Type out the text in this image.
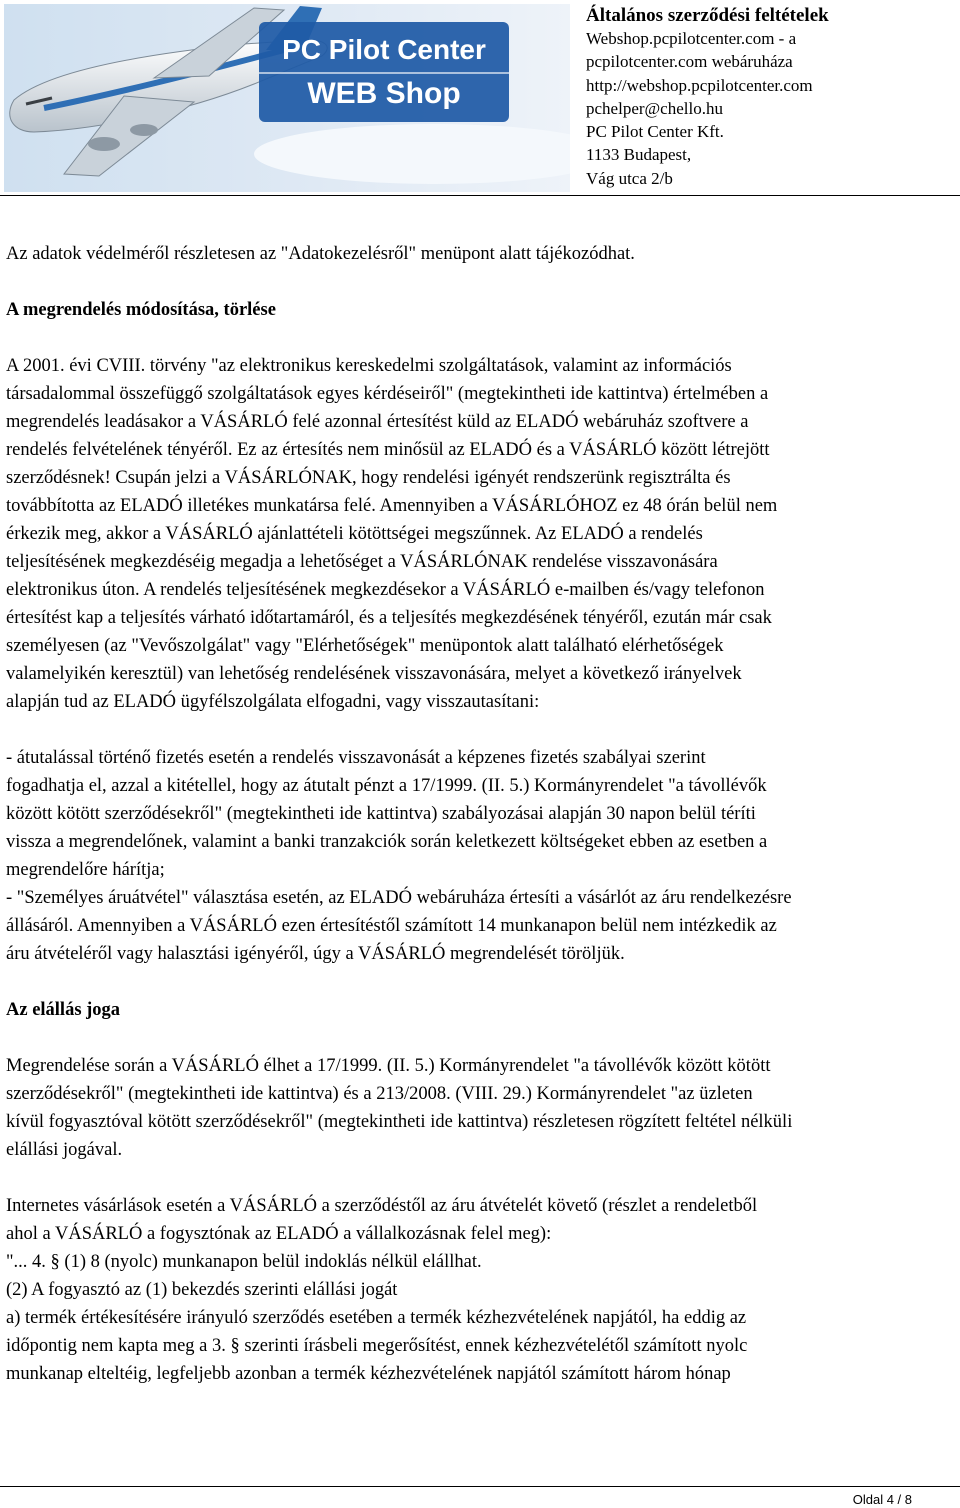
PC Pilot Center
WEB Shop
Általános szerződési feltételek
Webshop.pcpilotcenter.com - a
pcpilotcenter.com webáruháza
http://webshop.pcpilotcenter.com
pchelper@chello.hu
PC Pilot Center Kft.
1133 Budapest,
Vág utca 2/b

Az adatok védelméről részletesen az "Adatokezelésről" menüpont alatt tájékozódhat.

A megrendelés módosítása, törlése

A 2001. évi CVIII. törvény "az elektronikus kereskedelmi szolgáltatások, valamint az információs

társadalommal összefüggő szolgáltatások egyes kérdéseiről" (megtekintheti ide kattintva) értelmében a

megrendelés leadásakor a VÁSÁRLÓ felé azonnal értesítést küld az ELADÓ webáruház szoftvere a

rendelés felvételének tényéről. Ez az értesítés nem minősül az ELADÓ és a VÁSÁRLÓ között létrejött

szerződésnek! Csupán jelzi a VÁSÁRLÓNAK, hogy rendelési igényét rendszerünk regisztrálta és

továbbította az ELADÓ illetékes munkatársa felé. Amennyiben a VÁSÁRLÓHOZ ez 48 órán belül nem

érkezik meg, akkor a VÁSÁRLÓ ajánlattételi kötöttségei megszűnnek. Az ELADÓ a rendelés

teljesítésének megkezdéséig megadja a lehetőséget a VÁSÁRLÓNAK rendelése visszavonására

elektronikus úton. A rendelés teljesítésének megkezdésekor a VÁSÁRLÓ e-mailben és/vagy telefonon

értesítést kap a teljesítés várható időtartamáról, és a teljesítés megkezdésének tényéről, ezután már csak

személyesen (az "Vevőszolgálat" vagy "Elérhetőségek" menüpontok alatt található elérhetőségek

valamelyikén keresztül) van lehetőség rendelésének visszavonására, melyet a következő irányelvek

alapján tud az ELADÓ ügyfélszolgálata elfogadni, vagy visszautasítani:

- átutalással történő fizetés esetén a rendelés visszavonását a képzenes fizetés szabályai szerint

fogadhatja el, azzal a kitétellel, hogy az átutalt pénzt a 17/1999. (II. 5.) Kormányrendelet "a távollévők

között kötött szerződésekről" (megtekintheti ide kattintva) szabályozásai alapján 30 napon belül téríti

vissza a megrendelőnek, valamint a banki tranzakciók során keletkezett költségeket ebben az esetben a

megrendelőre hárítja;

- "Személyes áruátvétel" választása esetén, az ELADÓ webáruháza értesíti a vásárlót az áru rendelkezésre

állásáról. Amennyiben a VÁSÁRLÓ ezen értesítéstől számított 14 munkanapon belül nem intézkedik az

áru átvételéről vagy halasztási igényéről, úgy a VÁSÁRLÓ megrendelését töröljük.

Az elállás joga

Megrendelése során a VÁSÁRLÓ élhet a 17/1999. (II. 5.) Kormányrendelet "a távollévők között kötött

szerződésekről" (megtekintheti ide kattintva) és a 213/2008. (VIII. 29.) Kormányrendelet "az üzleten

kívül fogyasztóval kötött szerződésekről" (megtekintheti ide kattintva) részletesen rögzített feltétel nélküli

elállási jogával.

Internetes vásárlások esetén a VÁSÁRLÓ a szerződéstől az áru átvételét követő (részlet a rendeletből

ahol a VÁSÁRLÓ a fogysztónak az ELADÓ a vállalkozásnak felel meg):

"... 4. § (1) 8 (nyolc) munkanapon belül indoklás nélkül elállhat.

(2) A fogyasztó az (1) bekezdés szerinti elállási jogát

a) termék értékesítésére irányuló szerződés esetében a termék kézhezvételének napjától, ha eddig az

időpontig nem kapta meg a 3. § szerinti írásbeli megerősítést, ennek kézhezvételétől számított nyolc

munkanap elteltéig, legfeljebb azonban a termék kézhezvételének napjától számított három hónap

Oldal 4 / 8
